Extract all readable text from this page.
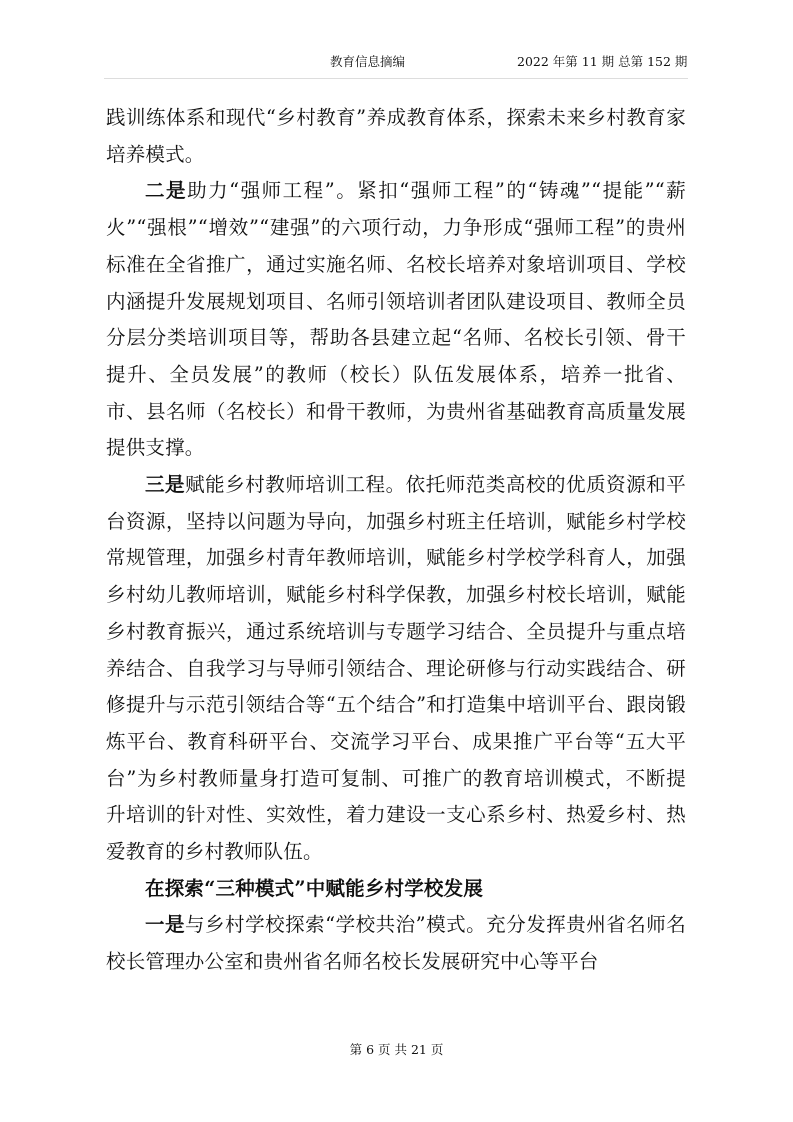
教育信息摘编	2022 年第 11 期 总第 152 期

践训练体系和现代“乡村教育”养成教育体系，探索未来乡村教育家培养模式。

二是助力“强师工程”。紧扣“强师工程”的“铸魂”“提能”“薪火”“强根”“增效”“建强”的六项行动，力争形成“强师工程”的贵州标准在全省推广，通过实施名师、名校长培养对象培训项目、学校内涵提升发展规划项目、名师引领培训者团队建设项目、教师全员分层分类培训项目等，帮助各县建立起“名师、名校长引领、骨干提升、全员发展”的教师（校长）队伍发展体系，培养一批省、市、县名师（名校长）和骨干教师，为贵州省基础教育高质量发展提供支撑。

三是赋能乡村教师培训工程。依托师范类高校的优质资源和平台资源，坚持以问题为导向，加强乡村班主任培训，赋能乡村学校常规管理，加强乡村青年教师培训，赋能乡村学校学科育人，加强乡村幼儿教师培训，赋能乡村科学保教，加强乡村校长培训，赋能乡村教育振兴，通过系统培训与专题学习结合、全员提升与重点培养结合、自我学习与导师引领结合、理论研修与行动实践结合、研修提升与示范引领结合等“五个结合”和打造集中培训平台、跟岗锻炼平台、教育科研平台、交流学习平台、成果推广平台等“五大平台”为乡村教师量身打造可复制、可推广的教育培训模式，不断提升培训的针对性、实效性，着力建设一支心系乡村、热爱乡村、热爱教育的乡村教师队伍。

在探索“三种模式”中赋能乡村学校发展

一是与乡村学校探索“学校共治”模式。充分发挥贵州省名师名校长管理办公室和贵州省名师名校长发展研究中心等平台

第 6 页 共 21 页
